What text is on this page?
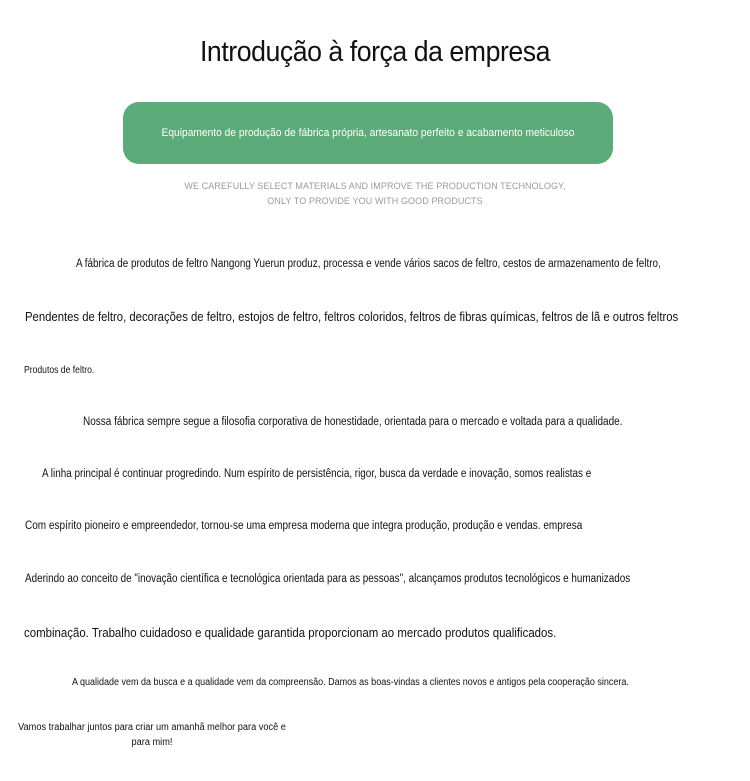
Introdução à força da empresa
Equipamento de produção de fábrica própria, artesanato perfeito e acabamento meticuloso
WE CAREFULLY SELECT MATERIALS AND IMPROVE THE PRODUCTION TECHNOLOGY,
ONLY TO PROVIDE YOU WITH GOOD PRODUCTS
A fábrica de produtos de feltro Nangong Yuerun produz, processa e vende vários sacos de feltro, cestos de armazenamento de feltro,
Pendentes de feltro, decorações de feltro, estojos de feltro, feltros coloridos, feltros de fibras químicas, feltros de lã e outros feltros
Produtos de feltro.
Nossa fábrica sempre segue a filosofia corporativa de honestidade, orientada para o mercado e voltada para a qualidade.
A linha principal é continuar progredindo. Num espírito de persistência, rigor, busca da verdade e inovação, somos realistas e
Com espírito pioneiro e empreendedor, tornou-se uma empresa moderna que integra produção, produção e vendas. empresa
Aderindo ao conceito de "inovação científica e tecnológica orientada para as pessoas", alcançamos produtos tecnológicos e humanizados
combinação. Trabalho cuidadoso e qualidade garantida proporcionam ao mercado produtos qualificados.
A qualidade vem da busca e a qualidade vem da compreensão. Damos as boas-vindas a clientes novos e antigos pela cooperação sincera.
Vamos trabalhar juntos para criar um amanhã melhor para você e para mim!
